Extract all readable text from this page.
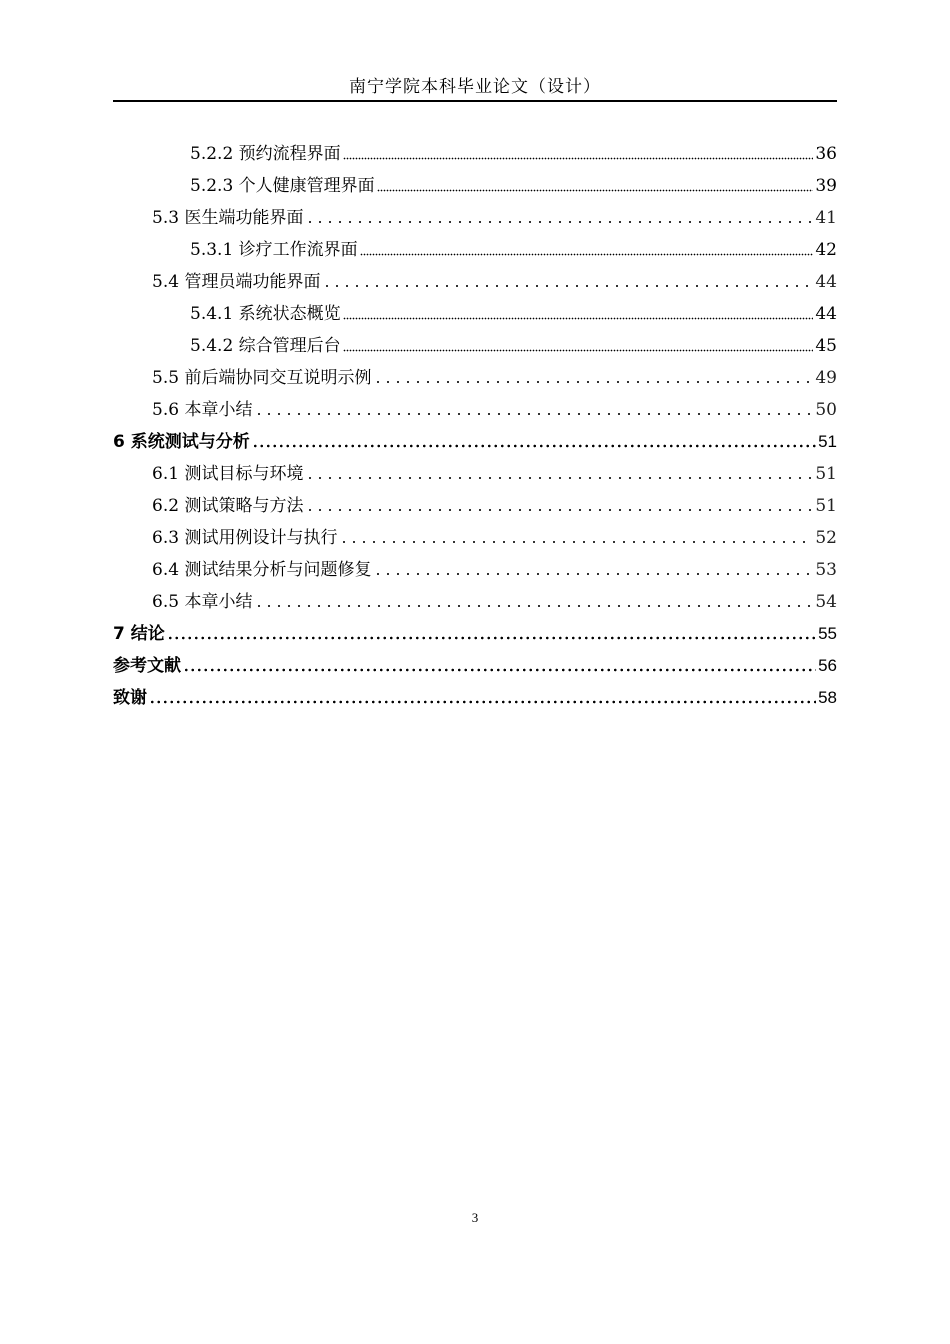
南宁学院本科毕业论文（设计）
5.2.2 预约流程界面	36
5.2.3 个人健康管理界面	39
5.3 医生端功能界面	41
5.3.1 诊疗工作流界面	42
5.4 管理员端功能界面	44
5.4.1 系统状态概览	44
5.4.2 综合管理后台	45
5.5 前后端协同交互说明示例	49
5.6 本章小结	50
6 系统测试与分析	51
6.1 测试目标与环境	51
6.2 测试策略与方法	51
6.3 测试用例设计与执行	52
6.4 测试结果分析与问题修复	53
6.5 本章小结	54
7 结论	55
参考文献	56
致谢	58
3
